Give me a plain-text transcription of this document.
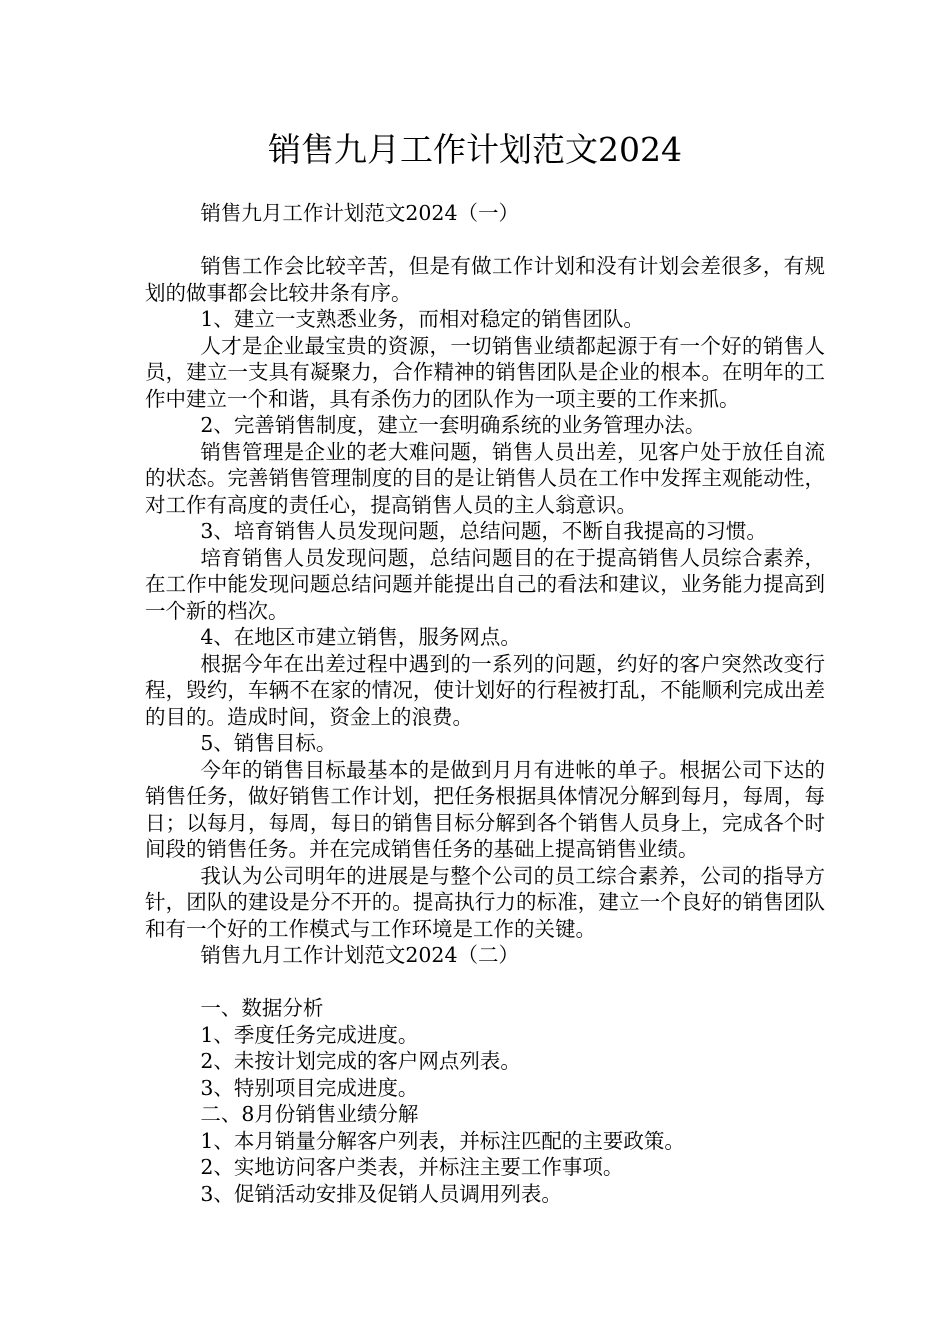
销售九月工作计划范文2024

销售九月工作计划范文2024（一）

销售工作会比较辛苦，但是有做工作计划和没有计划会差很多，有规划的做事都会比较井条有序。

1、建立一支熟悉业务，而相对稳定的销售团队。

人才是企业最宝贵的资源，一切销售业绩都起源于有一个好的销售人员，建立一支具有凝聚力，合作精神的销售团队是企业的根本。在明年的工作中建立一个和谐，具有杀伤力的团队作为一项主要的工作来抓。

2、完善销售制度，建立一套明确系统的业务管理办法。

销售管理是企业的老大难问题，销售人员出差，见客户处于放任自流的状态。完善销售管理制度的目的是让销售人员在工作中发挥主观能动性，对工作有高度的责任心，提高销售人员的主人翁意识。

3、培育销售人员发现问题，总结问题，不断自我提高的习惯。

培育销售人员发现问题，总结问题目的在于提高销售人员综合素养，在工作中能发现问题总结问题并能提出自己的看法和建议，业务能力提高到一个新的档次。

4、在地区市建立销售，服务网点。

根据今年在出差过程中遇到的一系列的问题，约好的客户突然改变行程，毁约，车辆不在家的情况，使计划好的行程被打乱，不能顺利完成出差的目的。造成时间，资金上的浪费。

5、销售目标。

今年的销售目标最基本的是做到月月有进帐的单子。根据公司下达的销售任务，做好销售工作计划，把任务根据具体情况分解到每月，每周，每日；以每月，每周，每日的销售目标分解到各个销售人员身上，完成各个时间段的销售任务。并在完成销售任务的基础上提高销售业绩。

我认为公司明年的进展是与整个公司的员工综合素养，公司的指导方针，团队的建设是分不开的。提高执行力的标准，建立一个良好的销售团队和有一个好的工作模式与工作环境是工作的关键。

销售九月工作计划范文2024（二）

一、数据分析

1、季度任务完成进度。

2、未按计划完成的客户网点列表。

3、特别项目完成进度。

二、8月份销售业绩分解

1、本月销量分解客户列表，并标注匹配的主要政策。

2、实地访问客户类表，并标注主要工作事项。

3、促销活动安排及促销人员调用列表。
